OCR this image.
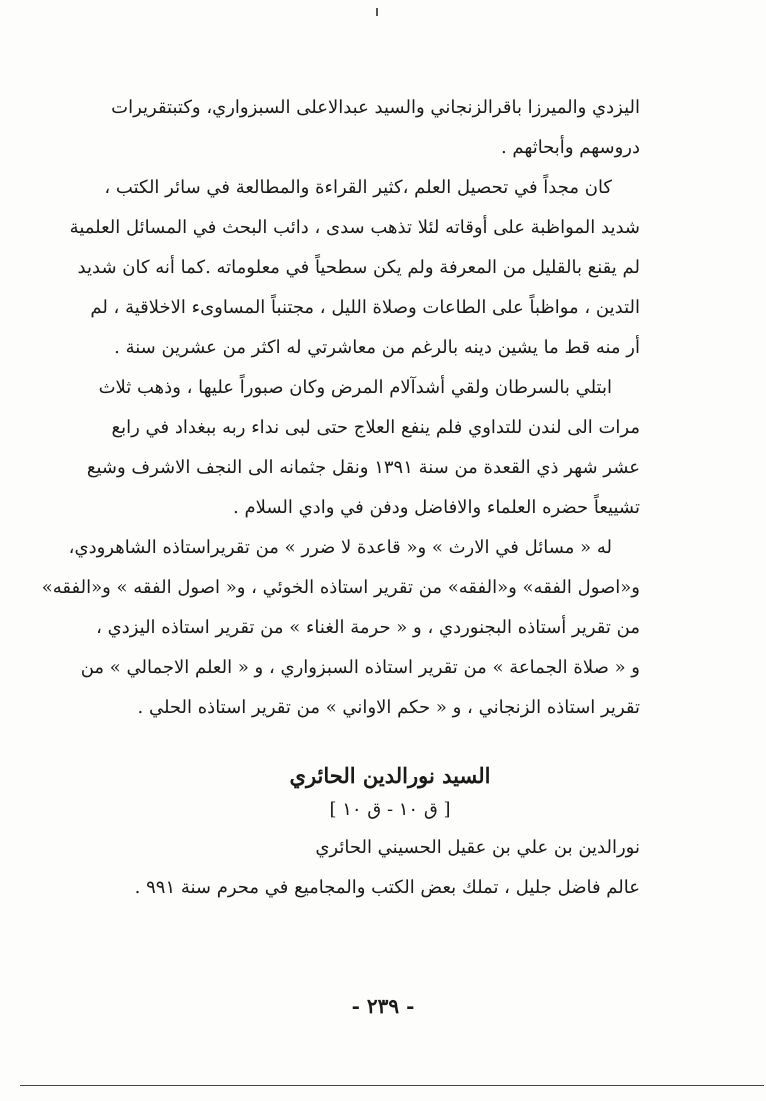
اليزدي والميرزا باقرالزنجاني والسيد عبدالاعلى السبزواري، وكتبتقريرات
دروسهم وأبحاثهم .
كان مجداً في تحصيل العلم ،كثير القراءة والمطالعة في سائر الكتب ،
شديد المواظبة على أوقاته لئلا تذهب سدى ، دائب البحث في المسائل العلمية
لم يقنع بالقليل من المعرفة ولم يكن سطحياً في معلوماته .كما أنه كان شديد
التدين ، مواظباً على الطاعات وصلاة الليل ، مجتنباً المساوىء الاخلاقية ، لم
أر منه قط ما يشين دينه بالرغم من معاشرتي له اكثر من عشرين سنة .
ابتلي بالسرطان ولقي أشدآلام المرض وكان صبوراً عليها ، وذهب ثلاث
مرات الى لندن للتداوي فلم ينفع العلاج حتى لبى نداء ربه ببغداد في رابع
عشر شهر ذي القعدة من سنة ١٣٩١ ونقل جثمانه الى النجف الاشرف وشيع
تشييعاً حضره العلماء والافاضل ودفن في وادي السلام .
له « مسائل في الارث » و« قاعدة لا ضرر » من تقريراستاذه الشاهرودي،
و«اصول الفقه» و«الفقه» من تقرير استاذه الخوئي ، و« اصول الفقه » و«الفقه»
من تقرير أستاذه البجنوردي ، و « حرمة الغناء » من تقرير استاذه اليزدي ،
و « صلاة الجماعة » من تقرير استاذه السبزواري ، و « العلم الاجمالي » من
تقرير استاذه الزنجاني ، و « حكم الاواني » من تقرير استاذه الحلي .
السيد نورالدين الحائري
[ ق ١٠ - ق ١٠ ]
نورالدين بن علي بن عقيل الحسيني الحائري
عالم فاضل جليل ، تملك بعض الكتب والمجاميع في محرم سنة ٩٩١ .
- ٢٣٩ -
